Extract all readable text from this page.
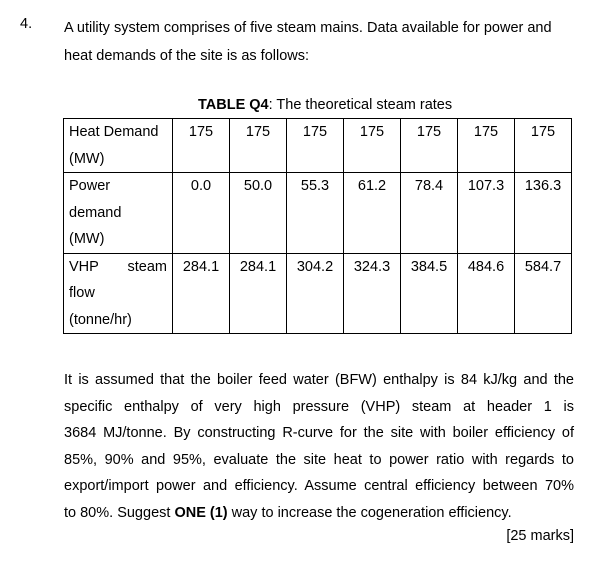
4. A utility system comprises of five steam mains. Data available for power and
heat demands of the site is as follows:
TABLE Q4: The theoretical steam rates
Heat Demand
(MW)	175	175	175	175	175	175	175

Power
demand
(MW)	0.0	50.0	55.3	61.2	78.4	107.3	136.3

VHP steam
flow
(tonne/hr)	284.1	284.1	304.2	324.3	384.5	484.6	584.7
It is assumed that the boiler feed water (BFW) enthalpy is 84 kJ/kg and the
specific enthalpy of very high pressure (VHP) steam at header 1 is
3684 MJ/tonne. By constructing R-curve for the site with boiler efficiency of
85%, 90% and 95%, evaluate the site heat to power ratio with regards to
export/import power and efficiency. Assume central efficiency between 70%
to 80%. Suggest ONE (1) way to increase the cogeneration efficiency.
[25 marks]
